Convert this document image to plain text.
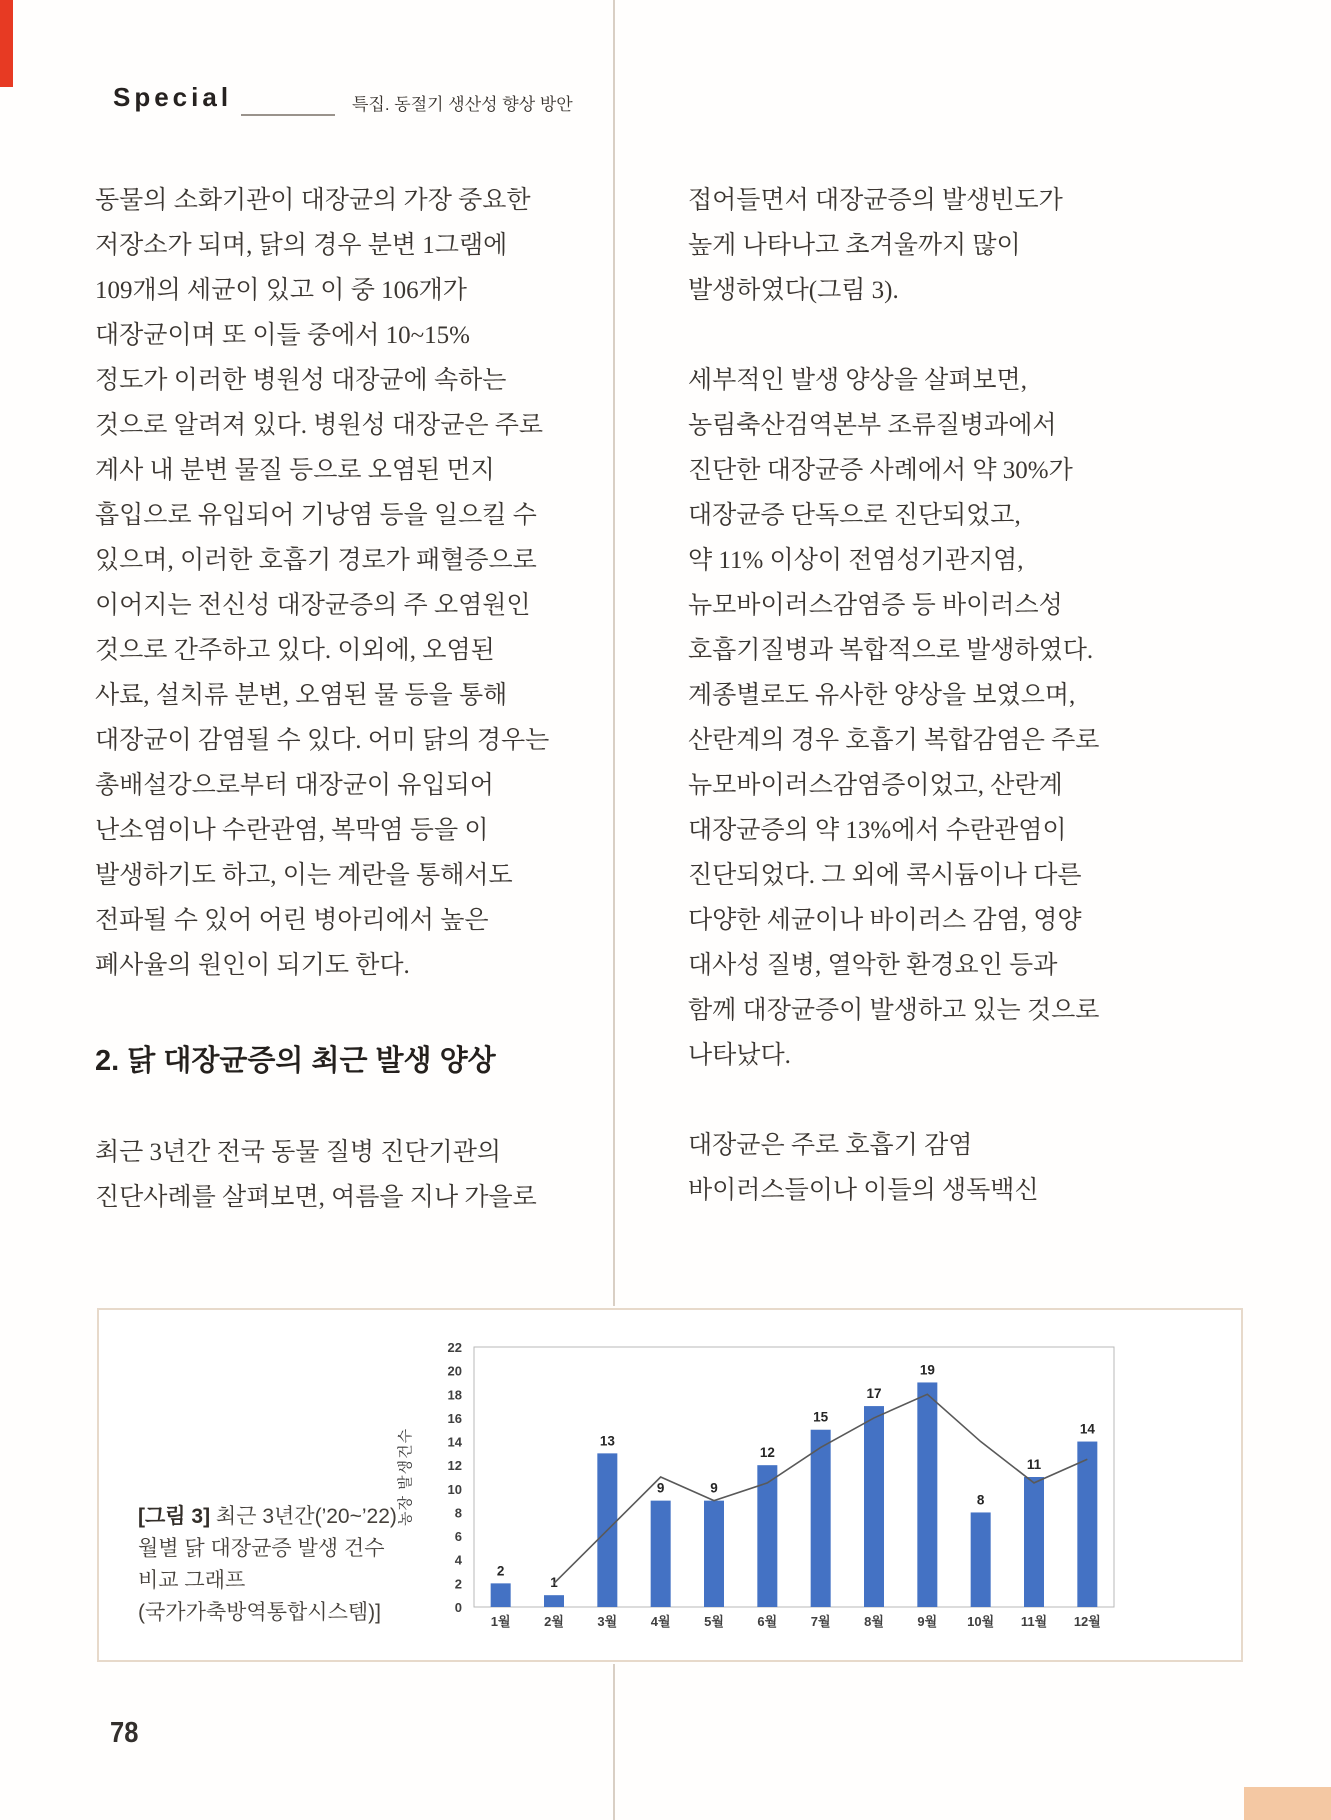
Special	특집. 동절기 생산성 향상 방안
동물의 소화기관이 대장균의 가장 중요한
저장소가 되며, 닭의 경우 분변 1그램에
109개의 세균이 있고 이 중 106개가
대장균이며 또 이들 중에서 10~15%
정도가 이러한 병원성 대장균에 속하는
것으로 알려져 있다. 병원성 대장균은 주로
계사 내 분변 물질 등으로 오염된 먼지
흡입으로 유입되어 기낭염 등을 일으킬 수
있으며, 이러한 호흡기 경로가 패혈증으로
이어지는 전신성 대장균증의 주 오염원인
것으로 간주하고 있다. 이외에, 오염된
사료, 설치류 분변, 오염된 물 등을 통해
대장균이 감염될 수 있다. 어미 닭의 경우는
총배설강으로부터 대장균이 유입되어
난소염이나 수란관염, 복막염 등을 이
발생하기도 하고, 이는 계란을 통해서도
전파될 수 있어 어린 병아리에서 높은
폐사율의 원인이 되기도 한다.
2. 닭 대장균증의 최근 발생 양상
최근 3년간 전국 동물 질병 진단기관의
진단사례를 살펴보면, 여름을 지나 가을로
접어들면서 대장균증의 발생빈도가
높게 나타나고 초겨울까지 많이
발생하였다(그림 3).

세부적인 발생 양상을 살펴보면,
농림축산검역본부 조류질병과에서
진단한 대장균증 사례에서 약 30%가
대장균증 단독으로 진단되었고,
약 11% 이상이 전염성기관지염,
뉴모바이러스감염증 등 바이러스성
호흡기질병과 복합적으로 발생하였다.
계종별로도 유사한 양상을 보였으며,
산란계의 경우 호흡기 복합감염은 주로
뉴모바이러스감염증이었고, 산란계
대장균증의 약 13%에서 수란관염이
진단되었다. 그 외에 콕시듐이나 다른
다양한 세균이나 바이러스 감염, 영양
대사성 질병, 열악한 환경요인 등과
함께 대장균증이 발생하고 있는 것으로
나타났다.

대장균은 주로 호흡기 감염
바이러스들이나 이들의 생독백신
[그림 3] 최근 3년간(’20~’22)
월별 닭 대장균증 발생 건수
비교 그래프
(국가가축방역통합시스템)]	0
2
4
6
8
10
12
14
16
18
20
22
농장 발생건수
2
1월
1
2월
13
3월
9
4월
9
5월
12
6월
15
7월
17
8월
19
9월
8
10월
11
11월
14
12월
78
